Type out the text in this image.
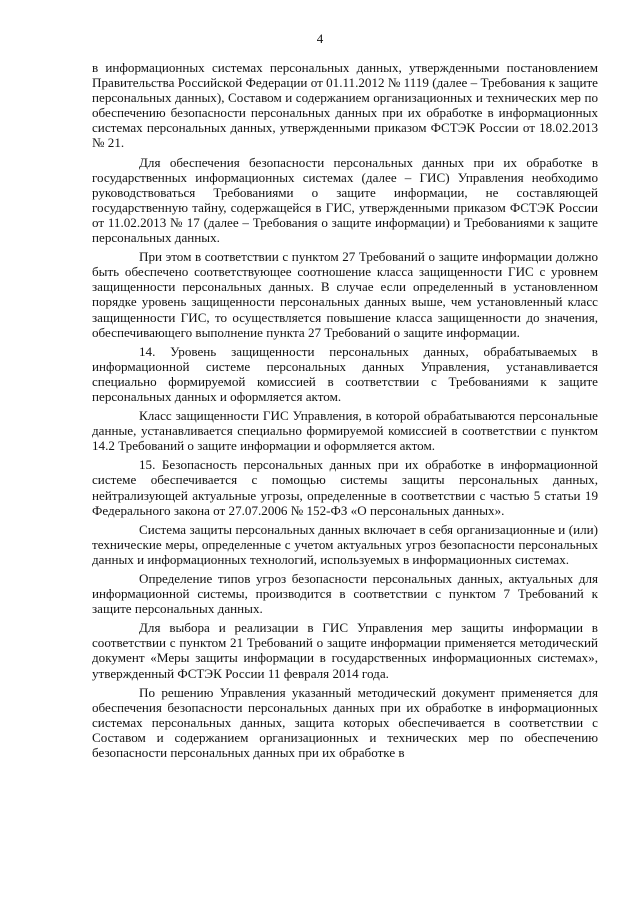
4

в информационных системах персональных данных, утвержденными постановлением Правительства Российской Федерации от 01.11.2012 № 1119 (далее – Требования к защите персональных данных), Составом и содержанием организационных и технических мер по обеспечению безопасности персональных данных при их обработке в информационных системах персональных данных, утвержденными приказом ФСТЭК России от 18.02.2013 № 21.

Для обеспечения безопасности персональных данных при их обработке в государственных информационных системах (далее – ГИС) Управления необходимо руководствоваться Требованиями о защите информации, не составляющей государственную тайну, содержащейся в ГИС, утвержденными приказом ФСТЭК России от 11.02.2013 № 17 (далее – Требования о защите информации) и Требованиями к защите персональных данных.

При этом в соответствии с пунктом 27 Требований о защите информации должно быть обеспечено соответствующее соотношение класса защищенности ГИС с уровнем защищенности персональных данных. В случае если определенный в установленном порядке уровень защищенности персональных данных выше, чем установленный класс защищенности ГИС, то осуществляется повышение класса защищенности до значения, обеспечивающего выполнение пункта 27 Требований о защите информации.

14. Уровень защищенности персональных данных, обрабатываемых в информационной системе персональных данных Управления, устанавливается специально формируемой комиссией в соответствии с Требованиями к защите персональных данных и оформляется актом.

Класс защищенности ГИС Управления, в которой обрабатываются персональные данные, устанавливается специально формируемой комиссией в соответствии с пунктом 14.2 Требований о защите информации и оформляется актом.

15. Безопасность персональных данных при их обработке в информационной системе обеспечивается с помощью системы защиты персональных данных, нейтрализующей актуальные угрозы, определенные в соответствии с частью 5 статьи 19 Федерального закона от 27.07.2006 № 152-ФЗ «О персональных данных».

Система защиты персональных данных включает в себя организационные и (или) технические меры, определенные с учетом актуальных угроз безопасности персональных данных и информационных технологий, используемых в информационных системах.

Определение типов угроз безопасности персональных данных, актуальных для информационной системы, производится в соответствии с пунктом 7 Требований к защите персональных данных.

Для выбора и реализации в ГИС Управления мер защиты информации в соответствии с пунктом 21 Требований о защите информации применяется методический документ «Меры защиты информации в государственных информационных системах», утвержденный ФСТЭК России 11 февраля 2014 года.

По решению Управления указанный методический документ применяется для обеспечения безопасности персональных данных при их обработке в информационных системах персональных данных, защита которых обеспечивается в соответствии с Составом и содержанием организационных и технических мер по обеспечению безопасности персональных данных при их обработке в
